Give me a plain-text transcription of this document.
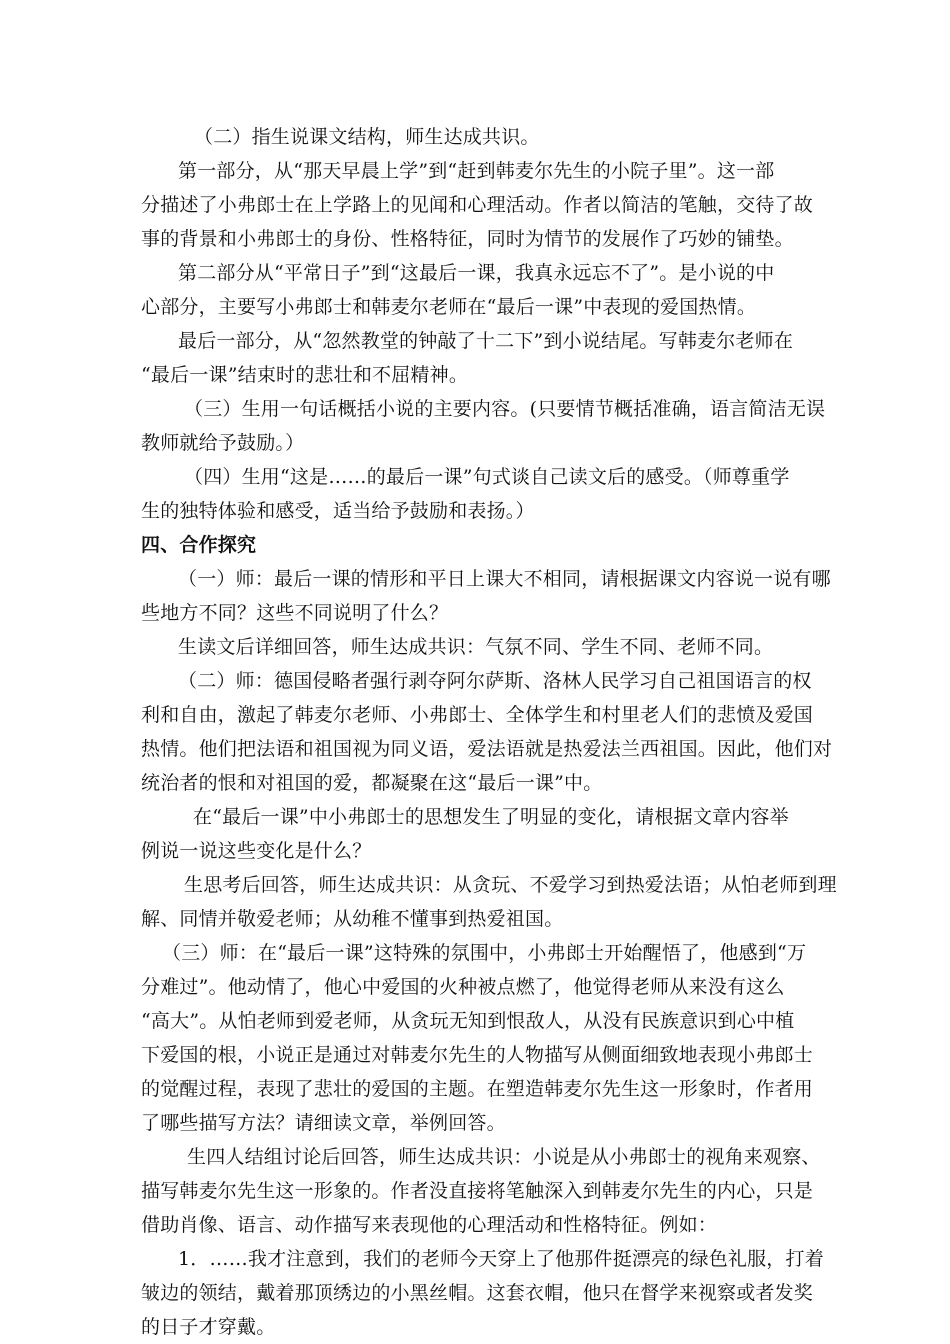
（二）指生说课文结构，师生达成共识。
第一部分，从“那天早晨上学”到“赶到韩麦尔先生的小院子里”。这一部
分描述了小弗郎士在上学路上的见闻和心理活动。作者以简洁的笔触，交待了故
事的背景和小弗郎士的身份、性格特征，同时为情节的发展作了巧妙的铺垫。
第二部分从“平常日子”到“这最后一课，我真永远忘不了”。是小说的中
心部分，主要写小弗郎士和韩麦尔老师在“最后一课”中表现的爱国热情。
最后一部分，从“忽然教堂的钟敲了十二下”到小说结尾。写韩麦尔老师在
“最后一课”结束时的悲壮和不屈精神。
（三）生用一句话概括小说的主要内容。(只要情节概括准确，语言简洁无误
教师就给予鼓励。）
（四）生用“这是……的最后一课”句式谈自己读文后的感受。（师尊重学
生的独特体验和感受，适当给予鼓励和表扬。）
四、合作探究
（一）师：最后一课的情形和平日上课大不相同，请根据课文内容说一说有哪
些地方不同？这些不同说明了什么？
生读文后详细回答，师生达成共识：气氛不同、学生不同、老师不同。
（二）师：德国侵略者强行剥夺阿尔萨斯、洛林人民学习自己祖国语言的权
利和自由，激起了韩麦尔老师、小弗郎士、全体学生和村里老人们的悲愤及爱国
热情。他们把法语和祖国视为同义语，爱法语就是热爱法兰西祖国。因此，他们对
统治者的恨和对祖国的爱，都凝聚在这“最后一课”中。
在“最后一课”中小弗郎士的思想发生了明显的变化，请根据文章内容举
例说一说这些变化是什么？
生思考后回答，师生达成共识：从贪玩、不爱学习到热爱法语；从怕老师到理
解、同情并敬爱老师；从幼稚不懂事到热爱祖国。
（三）师：在“最后一课”这特殊的氛围中，小弗郎士开始醒悟了，他感到“万
分难过”。他动情了，他心中爱国的火种被点燃了，他觉得老师从来没有这么
“高大”。从怕老师到爱老师，从贪玩无知到恨敌人，从没有民族意识到心中植
下爱国的根，小说正是通过对韩麦尔先生的人物描写从侧面细致地表现小弗郎士
的觉醒过程，表现了悲壮的爱国的主题。在塑造韩麦尔先生这一形象时，作者用
了哪些描写方法？请细读文章，举例回答。
生四人结组讨论后回答，师生达成共识：小说是从小弗郎士的视角来观察、
描写韩麦尔先生这一形象的。作者没直接将笔触深入到韩麦尔先生的内心，只是
借助肖像、语言、动作描写来表现他的心理活动和性格特征。例如：
1．……我才注意到，我们的老师今天穿上了他那件挺漂亮的绿色礼服，打着
皱边的领结，戴着那顶绣边的小黑丝帽。这套衣帽，他只在督学来视察或者发奖
的日子才穿戴。
